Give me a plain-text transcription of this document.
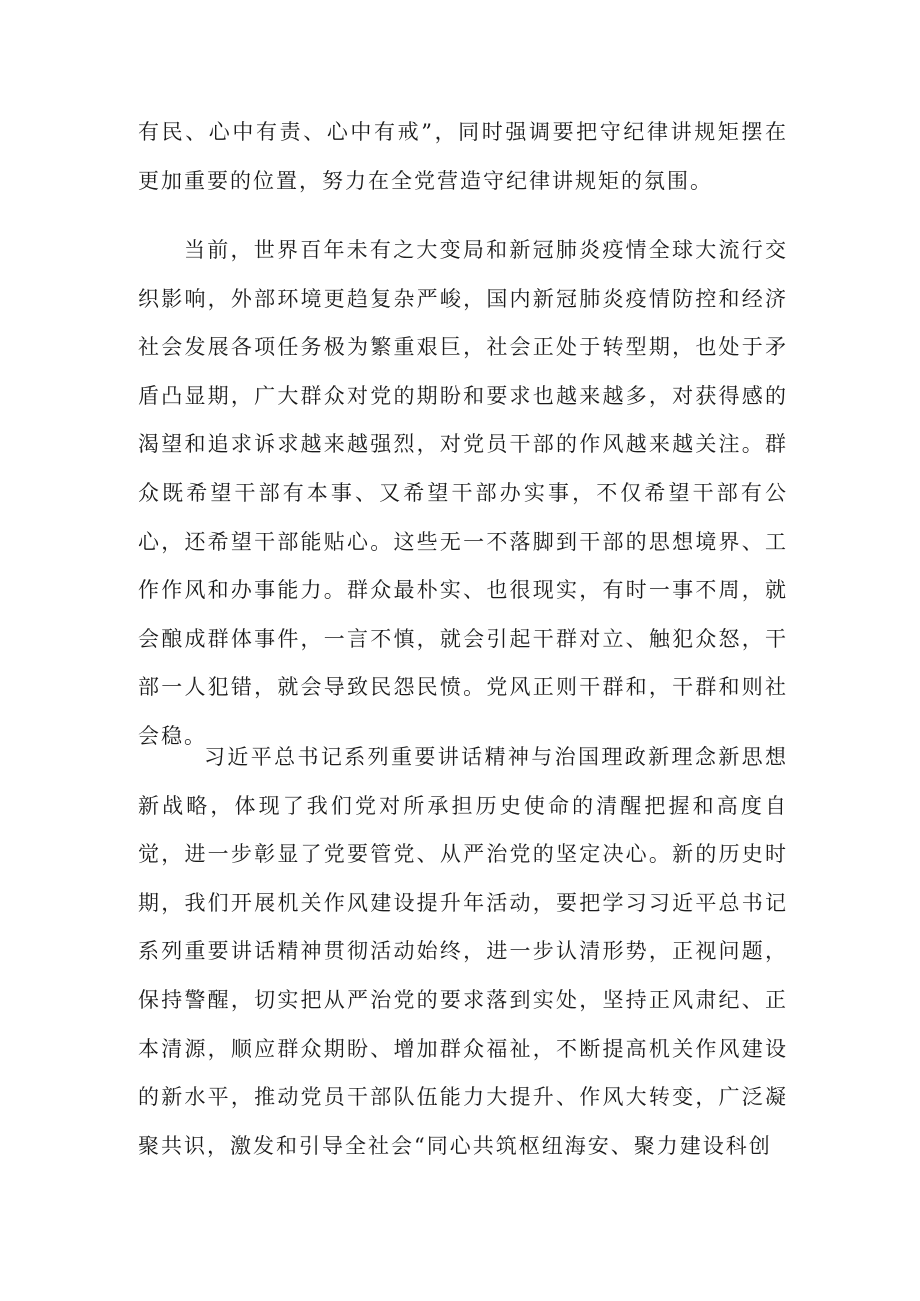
有民、心中有责、心中有戒”，同时强调要把守纪律讲规矩摆在更加重要的位置，努力在全党营造守纪律讲规矩的氛围。

当前，世界百年未有之大变局和新冠肺炎疫情全球大流行交织影响，外部环境更趋复杂严峻，国内新冠肺炎疫情防控和经济社会发展各项任务极为繁重艰巨，社会正处于转型期，也处于矛盾凸显期，广大群众对党的期盼和要求也越来越多，对获得感的渴望和追求诉求越来越强烈，对党员干部的作风越来越关注。群众既希望干部有本事、又希望干部办实事，不仅希望干部有公心，还希望干部能贴心。这些无一不落脚到干部的思想境界、工作作风和办事能力。群众最朴实、也很现实，有时一事不周，就会酿成群体事件，一言不慎，就会引起干群对立、触犯众怒，干部一人犯错，就会导致民怨民愤。党风正则干群和，干群和则社会稳。

习近平总书记系列重要讲话精神与治国理政新理念新思想新战略，体现了我们党对所承担历史使命的清醒把握和高度自觉，进一步彰显了党要管党、从严治党的坚定决心。新的历史时期，我们开展机关作风建设提升年活动，要把学习习近平总书记系列重要讲话精神贯彻活动始终，进一步认清形势，正视问题，保持警醒，切实把从严治党的要求落到实处，坚持正风肃纪、正本清源，顺应群众期盼、增加群众福祉，不断提高机关作风建设的新水平，推动党员干部队伍能力大提升、作风大转变，广泛凝聚共识，激发和引导全社会“同心共筑枢纽海安、聚力建设科创
